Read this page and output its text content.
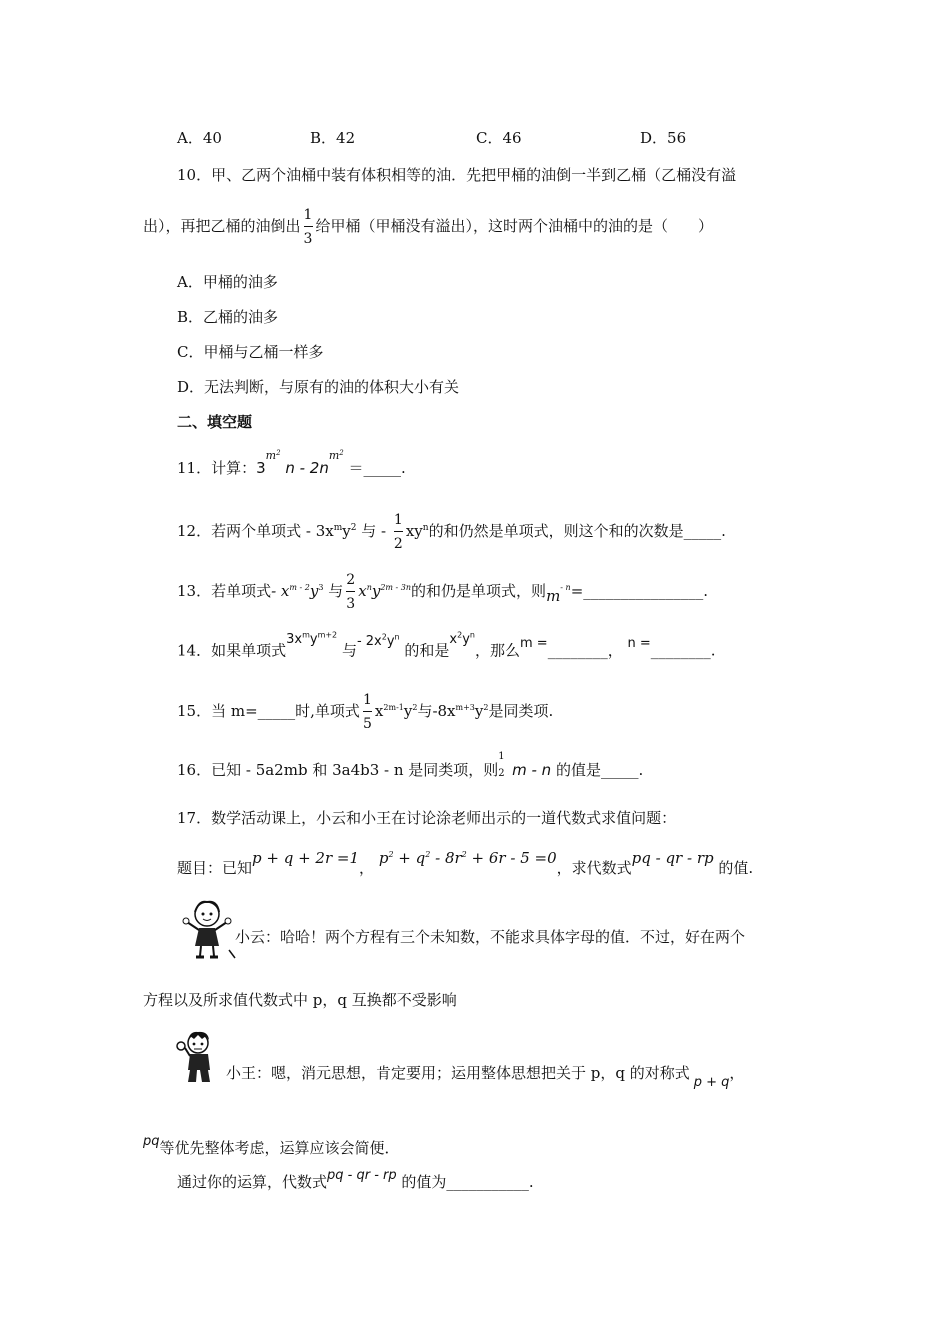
A．40	B．42	C．46	D．56
10．甲、乙两个油桶中装有体积相等的油．先把甲桶的油倒一半到乙桶（乙桶没有溢
出），再把乙桶的油倒出 $\frac{1}{3}$ 给甲桶（甲桶没有溢出），这时两个油桶中的油的是（　　）
A．甲桶的油多
B．乙桶的油多
C．甲桶与乙桶一样多
D．无法判断，与原有的油的体积大小有关
二、填空题
11．计算：$3^{m^2}$ n - $2n^{m^2}$ ＝_____.
12．若两个单项式 - $3x^my^2$ 与 - $\frac{1}{2} xy^n$的和仍然是单项式，则这个和的次数是_____.
13．若单项式- $x^{m - 2}y^3$ 与 $\frac{2}{3} x^ny^{2m - 3n}$的和仍是单项式，则$m^{- n}=\_\_\_\_\_\_\_\_\_\_\_\_\_\_\_\_$.
14．如果单项式$3x^my^{m+2}$ 与- $2x^2y^n$ 的和是$x^2y^n$，那么m =________， n =________.
15．当 m=_____时,单项式 $\frac{1}{5} x^{2m-1}y^2$与$-8x^{m+3}y^2$是同类项.
16．已知 - 5a2mb 和 3a4b3 - n 是同类项，则
1
2 m - n 的值是_____.
17．数学活动课上，小云和小王在讨论涂老师出示的一道代数式求值问题：
题目：已知p + q + 2r =1， $p^2 + q^2 - 8r^2 + 6r - 5 =0$，求代数式pq - qr - rp 的值.
小云：哈哈！两个方程有三个未知数，不能求具体字母的值．不过，好在两个
方程以及所求值代数式中 p，q 互换都不受影响
小王：嗯，消元思想，肯定要用；运用整体思想把关于 p，q 的对称式p + q，
pq等优先整体考虑，运算应该会简便．
通过你的运算，代数式pq - qr - rp 的值为___________.
